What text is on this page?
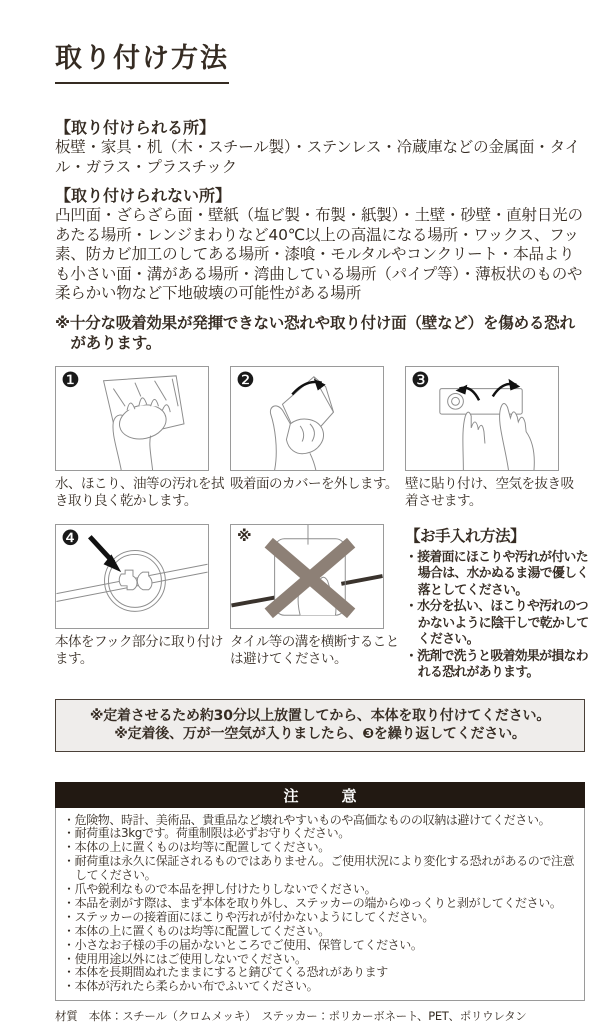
取り付け方法

【取り付けられる所】

板壁・家具・机（木・スチール製）・ステンレス・冷蔵庫などの金属面・タイル・ガラス・プラスチック

【取り付けられない所】

凸凹面・ざらざら面・壁紙（塩ビ製・布製・紙製）・土壁・砂壁・直射日光のあたる場所・レンジまわりなど40℃以上の高温になる場所・ワックス、フッ素、防カビ加工のしてある場所・漆喰・モルタルやコンクリート・本品よりも小さい面・溝がある場所・湾曲している場所（パイプ等）・薄板状のものや柔らかい物など下地破壊の可能性がある場所

※十分な吸着効果が発揮できない恐れや取り付け面（壁など）を傷める恐れがあります。

❶

水、ほこり、油等の汚れを拭き取り良く乾かします。

❷

吸着面のカバーを外します。

❸

壁に貼り付け、空気を抜き吸着させます。

❹

本体をフック部分に取り付けます。

※

タイル等の溝を横断することは避けてください。

【お手入れ方法】

・接着面にほこりや汚れが付いた場合は、水かぬるま湯で優しく落としてください。

・水分を払い、ほこりや汚れのつかないように陰干しで乾かしてください。

・洗剤で洗うと吸着効果が損なわれる恐れがあります。

※定着させるため約30分以上放置してから、本体を取り付けてください。

※定着後、万が一空気が入りましたら、❸を繰り返してください。

注　意

・危険物、時計、美術品、貴重品など壊れやすいものや高価なものの収納は避けてください。

・耐荷重は3kgです。荷重制限は必ずお守りください。

・本体の上に置くものは均等に配置してください。

・耐荷重は永久に保証されるものではありません。ご使用状況により変化する恐れがあるので注意してください。

・爪や鋭利なもので本品を押し付けたりしないでください。

・本品を剥がす際は、まず本体を取り外し、ステッカーの端からゆっくりと剥がしてください。

・ステッカーの接着面にほこりや汚れが付かないようにしてください。

・本体の上に置くものは均等に配置してください。

・小さなお子様の手の届かないところでご使用、保管してください。

・使用用途以外にはご使用しないでください。

・本体を長期間ぬれたままにすると錆びてくる恐れがあります

・本体が汚れたら柔らかい布でふいてください。

材質　本体：スチール（クロムメッキ）　ステッカー：ポリカーボネート、PET、ポリウレタン
